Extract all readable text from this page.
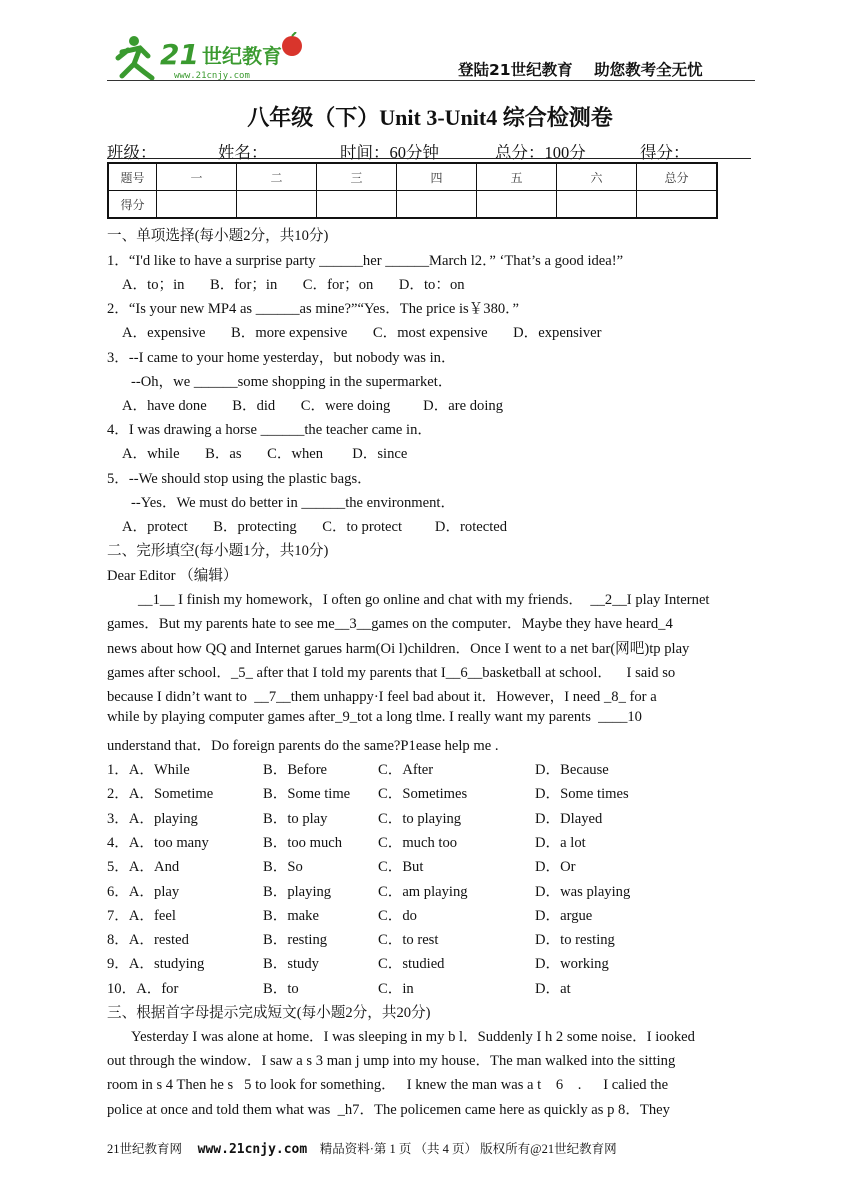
21 世纪教育
www.21cnjy.com	登陆21世纪教育    助您教考全无忧
八年级（下）Unit 3-Unit4 综合检测卷
班级：	姓名：	时间：60分钟	总分：100分	得分：
题号	一	二	三	四	五	六	总分
得分							
一、单项选择(每小题2分，共10分)
1．“I'd like to have a surprise party ______her ______March l2．” ‘That’s a good idea!”
A．to；in       B．for；in       C．for；on       D．to：on
2．“Is your new MP4 as ______as mine?”“Yes．The price is￥380．”
A．expensive       B．more expensive       C．most expensive       D．expensiver
3．--I came to your home yesterday，but nobody was in．
--Oh，we ______some shopping in the supermarket．
A．have done       B．did       C．were doing         D．are doing
4．I was drawing a horse ______the teacher came in．
A．while       B．as       C．when        D．since
5．--We should stop using the plastic bags．
--Yes．We must do better in ______the environment．
A．protect       B．protecting       C．to protect         D．rotected
二、完形填空(每小题1分，共10分)
Dear Editor （编辑）
__1__ I finish my homework，I often go online and chat with my friends．  __2__I play Internet
games．But my parents hate to see me__3__games on the computer．Maybe they have heard_4
news about how QQ and Internet garues harm(Oi l)children．Once I went to a net bar(网吧)tp play
games after school．_5_ after that I told my parents that I__6__basketball at school．    I said so
because I didn’t want to  __7__them unhappy·I feel bad about it．However，I need _8_ for a
while by playing computer games after_9_tot a long tlme. I really want my parents  ____10
understand that．Do foreign parents do the same?P1ease help me .
1．A．While	B．Before	C．After	D．Because
2．A．Sometime	B．Some time C．Sometimes	D．Some times
3．A．playing	B．to play	C．to playing	D．Dlayed
4．A．too many	B．too much C．much too	D．a lot
5．A．And	B．So	C．But	D．Or
6．A．play	B．playing	C．am playing	D．was playing
7．A．feel	B．make	C．do	D．argue
8．A．rested	B．resting	C．to rest	D．to resting
9．A．studying	B．study	C．studied	D．working
10．A．for	B．to	C．in	D．at
三、根据首字母提示完成短文(每小题2分，共20分)
Yesterday I was alone at home．I was sleeping in my b l．Suddenly I h 2 some noise．I iooked
out through the window．I saw a s 3 man j ump into my house．The man walked into the sitting
room in s 4 Then he s   5 to look for something．   I knew the man was a t    6    .      I calied the
police at once and told them what was  _h7．The policemen came here as quickly as p 8．They
21世纪教育网 www.21cnjy.com 精品资料·第 1 页 （共 4 页） 版权所有@21世纪教育网
